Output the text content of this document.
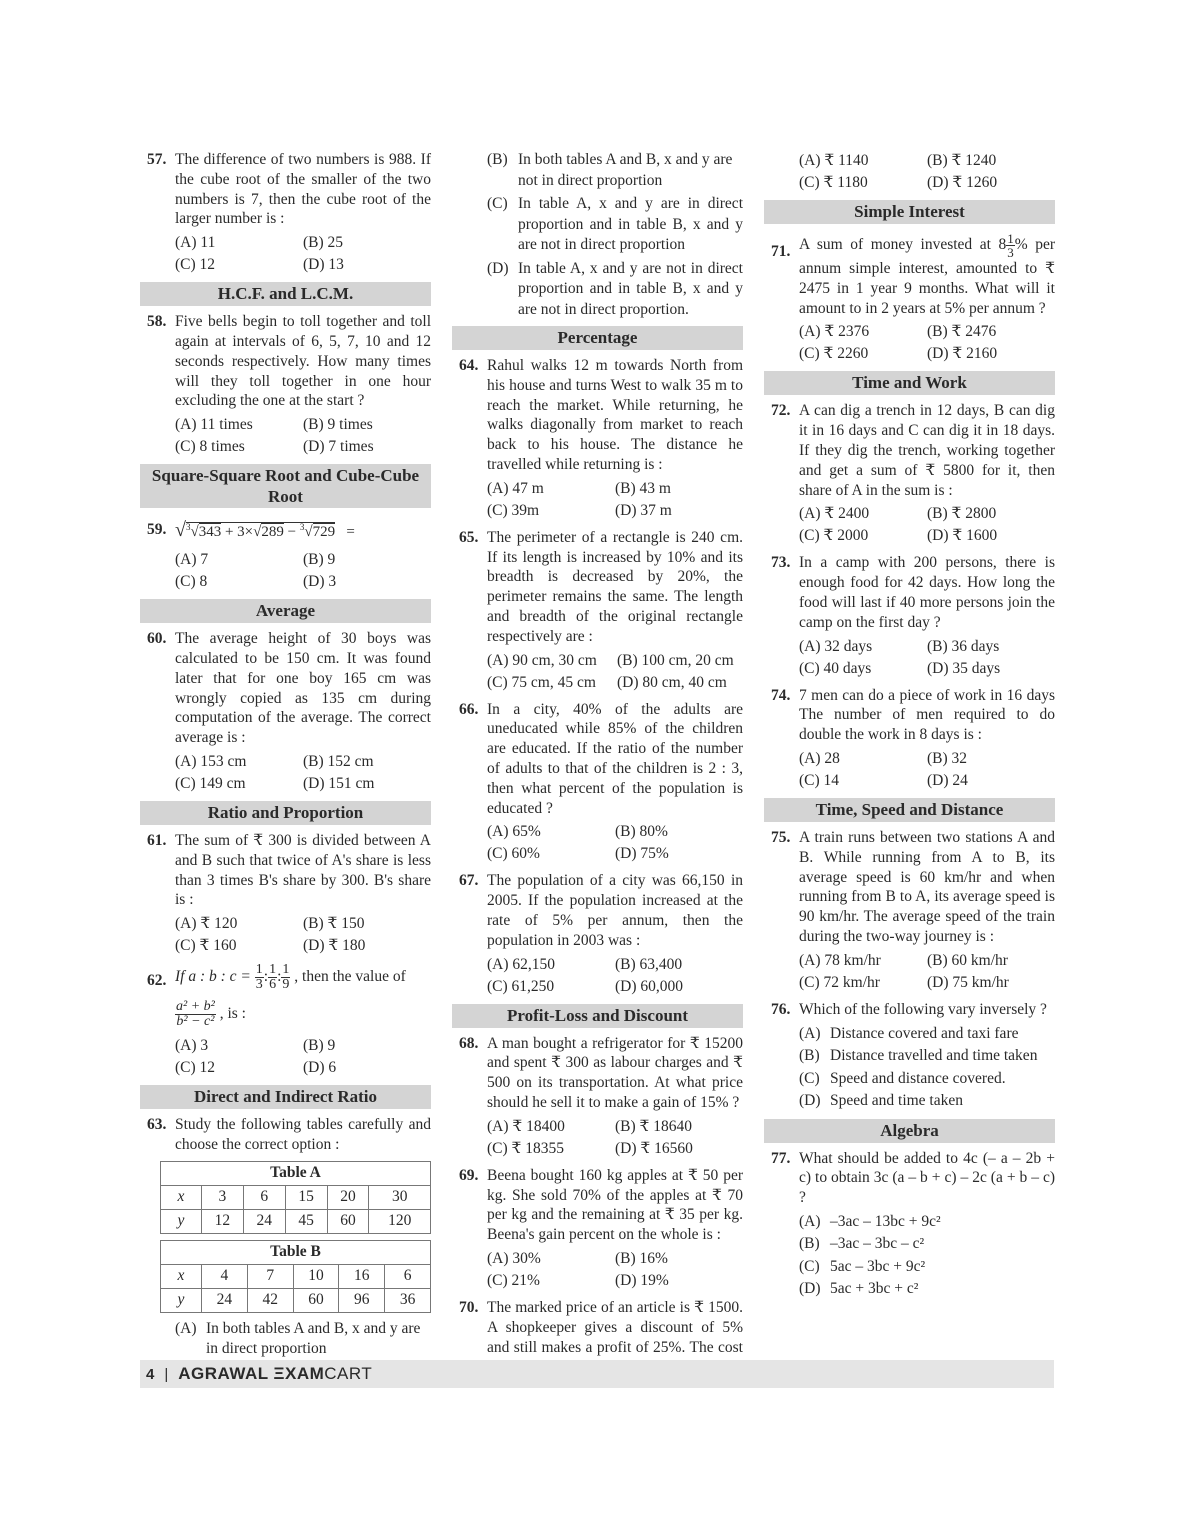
57. The difference of two numbers is 988. If the cube root of the smaller of the two numbers is 7, then the cube root of the larger number is :
(A) 11	(B) 25
(C) 12	(D) 13
H.C.F. and L.C.M.
58. Five bells begin to toll together and toll again at intervals of 6, 5, 7, 10 and 12 seconds respectively. How many times will they toll together in one hour excluding the one at the start ?
(A) 11 times	(B) 9 times
(C) 8 times	(D) 7 times
Square-Square Root and Cube-Cube Root
59. √$^3$√343 + 3×√289 − $^3$√729 =
(A) 7	(B) 9
(C) 8	(D) 3
Average
60. The average height of 30 boys was calculated to be 150 cm. It was found later that for one boy 165 cm was wrongly copied as 135 cm during computation of the average. The correct average is :
(A) 153 cm	(B) 152 cm
(C) 149 cm	(D) 151 cm
Ratio and Proportion
61. The sum of ₹ 300 is divided between A and B such that twice of A's share is less than 3 times B's share by 300. B's share is :
(A) ₹ 120	(B) ₹ 150
(C) ₹ 160	(D) ₹ 180
62. If a : b : $c = \frac{1}{3}$ : $\frac{1}{6}$ : $\frac{1}{9}$ , then the value of
$\frac{\text{a² + b²}}{\text{b² − c²}}$ , is :
(A) 3	(B) 9
(C) 12	(D) 6
Direct and Indirect Ratio
63. Study the following tables carefully and choose the correct option :
Table A					
x	3	6	15	20	30
y	12	24	45	60	120
Table B					
x	4	7	10	16	6
y	24	42	60	96	36
(A) In both tables A and B, x and y are in direct proportion
(B) In both tables A and B, x and y are not in direct proportion
(C) In table A, x and y are in direct proportion and in table B, x and y are not in direct proportion
(D) In table A, x and y are not in direct proportion and in table B, x and y are not in direct proportion.
Percentage
64. Rahul walks 12 m towards North from his house and turns West to walk 35 m to reach the market. While returning, he walks diagonally from market to reach back to his house. The distance he travelled while returning is :
(A) 47 m	(B) 43 m
(C) 39m	(D) 37 m
65. The perimeter of a rectangle is 240 cm. If its length is increased by 10% and its breadth is decreased by 20%, the perimeter remains the same. The length and breadth of the original rectangle respectively are :
(A) 90 cm, 30 cm	(B) 100 cm, 20 cm
(C) 75 cm, 45 cm	(D) 80 cm, 40 cm
66. In a city, 40% of the adults are uneducated while 85% of the children are educated. If the ratio of the number of adults to that of the children is 2 : 3, then what percent of the population is educated ?
(A) 65%	(B) 80%
(C) 60%	(D) 75%
67. The population of a city was 66,150 in 2005. If the population increased at the rate of 5% per annum, then the population in 2003 was :
(A) 62,150	(B) 63,400
(C) 61,250	(D) 60,000
Profit-Loss and Discount
68. A man bought a refrigerator for ₹ 15200 and spent ₹ 300 as labour charges and ₹ 500 on its transportation. At what price should he sell it to make a gain of 15% ?
(A) ₹ 18400	(B) ₹ 18640
(C) ₹ 18355	(D) ₹ 16560
69. Beena bought 160 kg apples at ₹ 50 per kg. She sold 70% of the apples at ₹ 70 per kg and the remaining at ₹ 35 per kg. Beena's gain percent on the whole is :
(A) 30%	(B) 16%
(C) 21%	(D) 19%
70. The marked price of an article is ₹ 1500. A shopkeeper gives a discount of 5% and still makes a profit of 25%. The cost
(A) ₹ 1140	(B) ₹ 1240
(C) ₹ 1180	(D) ₹ 1260
Simple Interest
71. A sum of money invested at $8 \frac{1}{3}$ % per annum simple interest, amounted to ₹ 2475 in 1 year 9 months. What will it amount to in 2 years at 5% per annum ?
(A) ₹ 2376	(B) ₹ 2476
(C) ₹ 2260	(D) ₹ 2160
Time and Work
72. A can dig a trench in 12 days, B can dig it in 16 days and C can dig it in 18 days. If they dig the trench, working together and get a sum of ₹ 5800 for it, then share of A in the sum is :
(A) ₹ 2400	(B) ₹ 2800
(C) ₹ 2000	(D) ₹ 1600
73. In a camp with 200 persons, there is enough food for 42 days. How long the food will last if 40 more persons join the camp on the first day ?
(A) 32 days	(B) 36 days
(C) 40 days	(D) 35 days
74. 7 men can do a piece of work in 16 days The number of men required to do double the work in 8 days is :
(A) 28	(B) 32
(C) 14	(D) 24
Time, Speed and Distance
75. A train runs between two stations A and B. While running from A to B, its average speed is 60 km/hr and when running from B to A, its average speed is 90 km/hr. The average speed of the train during the two-way journey is :
(A) 78 km/hr	(B) 60 km/hr
(C) 72 km/hr	(D) 75 km/hr
76. Which of the following vary inversely ?
(A) Distance covered and taxi fare
(B) Distance travelled and time taken
(C) Speed and distance covered.
(D) Speed and time taken
Algebra
77. What should be added to 4c (– a – 2b + c) to obtain 3c (a – b + c) – 2c (a + b – c) ?
(A) –3ac – 13bc + 9c²
(B) –3ac – 3bc – c²
(C) 5ac – 3bc + 9c²
(D) 5ac + 3bc + c²
4 | AGRAWAL ΞXAMCART
